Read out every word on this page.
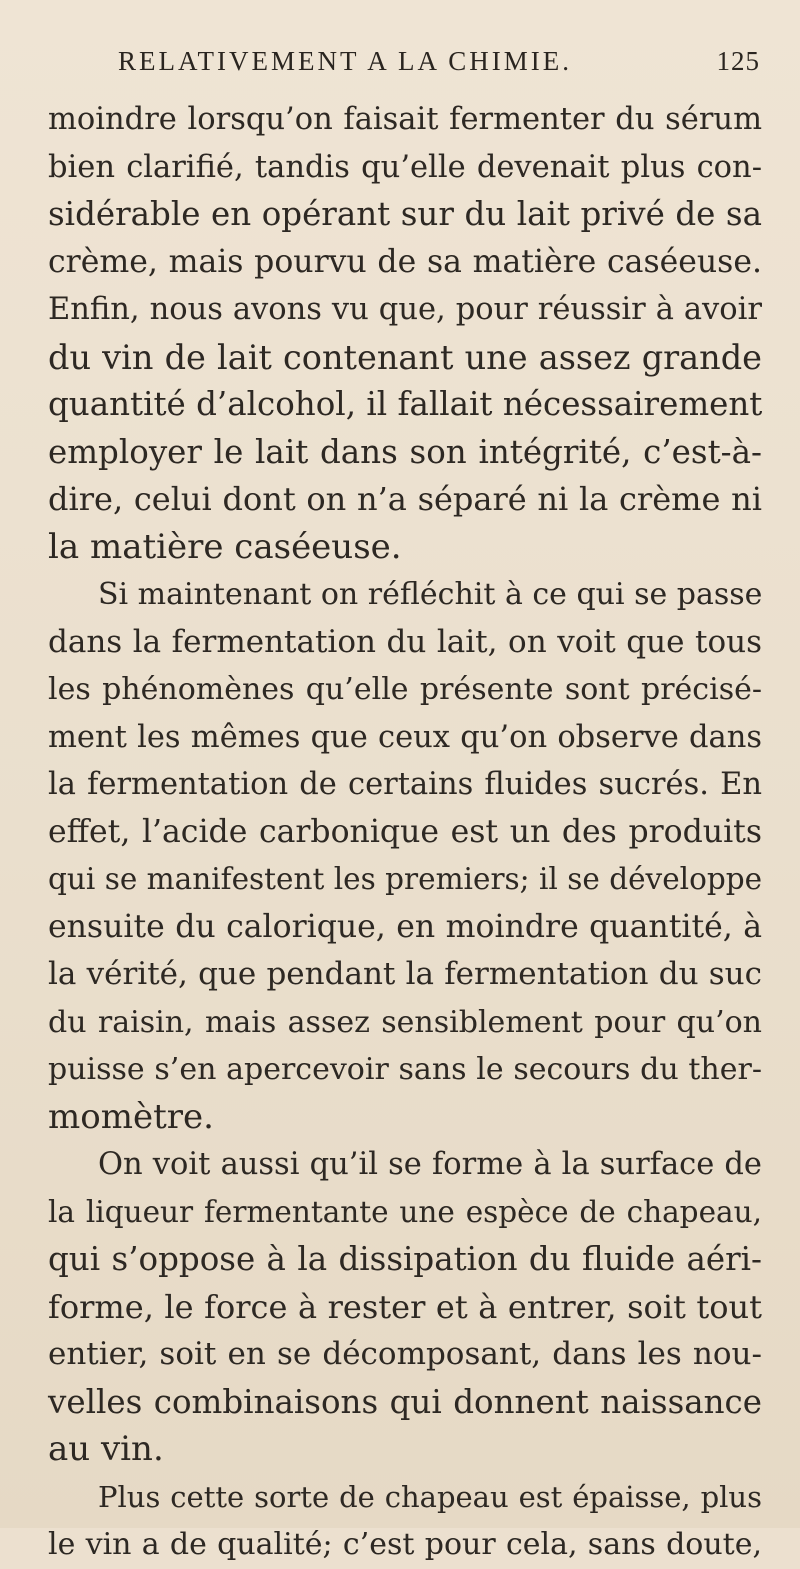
RELATIVEMENT A LA CHIMIE.	125
moindre lorsqu’on faisait fermenter du sérum
bien clarifié, tandis qu’elle devenait plus con-
sidérable en opérant sur du lait privé de sa
crème, mais pourvu de sa matière caséeuse.
Enfin, nous avons vu que, pour réussir à avoir
du vin de lait contenant une assez grande
quantité d’alcohol, il fallait nécessairement
employer le lait dans son intégrité, c’est-à-
dire, celui dont on n’a séparé ni la crème ni
la matière caséeuse.
Si maintenant on réfléchit à ce qui se passe
dans la fermentation du lait, on voit que tous
les phénomènes qu’elle présente sont précisé-
ment les mêmes que ceux qu’on observe dans
la fermentation de certains fluides sucrés. En
effet, l’acide carbonique est un des produits
qui se manifestent les premiers; il se développe
ensuite du calorique, en moindre quantité, à
la vérité, que pendant la fermentation du suc
du raisin, mais assez sensiblement pour qu’on
puisse s’en apercevoir sans le secours du ther-
momètre.
On voit aussi qu’il se forme à la surface de
la liqueur fermentante une espèce de chapeau,
qui s’oppose à la dissipation du fluide aéri-
forme, le force à rester et à entrer, soit tout
entier, soit en se décomposant, dans les nou-
velles combinaisons qui donnent naissance
au vin.
Plus cette sorte de chapeau est épaisse, plus
le vin a de qualité; c’est pour cela, sans doute,
